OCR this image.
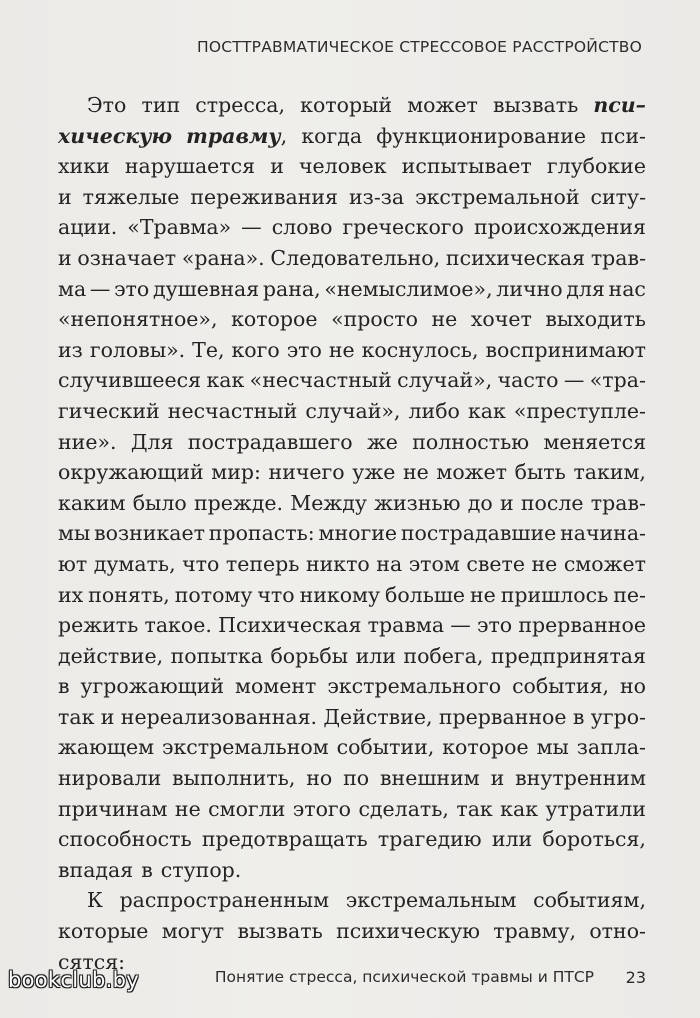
ПОСТТРАВМАТИЧЕСКОЕ СТРЕССОВОЕ РАССТРОЙСТВО
Это тип стресса, который может вызвать пси–
хическую травму, когда функционирование пси-
хики нарушается и человек испытывает глубокие
и тяжелые переживания из-за экстремальной ситу-
ации. «Травма» — слово греческого происхождения
и означает «рана». Следовательно, психическая трав-
ма — это душевная рана, «немыслимое», лично для нас
«непонятное», которое «просто не хочет выходить
из головы». Те, кого это не коснулось, воспринимают
случившееся как «несчастный случай», часто — «тра-
гический несчастный случай», либо как «преступле-
ние». Для пострадавшего же полностью меняется
окружающий мир: ничего уже не может быть таким,
каким было прежде. Между жизнью до и после трав-
мы возникает пропасть: многие пострадавшие начина-
ют думать, что теперь никто на этом свете не сможет
их понять, потому что никому больше не пришлось пе-
режить такое. Психическая травма — это прерванное
действие, попытка борьбы или побега, предпринятая
в угрожающий момент экстремального события, но
так и нереализованная. Действие, прерванное в угро-
жающем экстремальном событии, которое мы запла-
нировали выполнить, но по внешним и внутренним
причинам не смогли этого сделать, так как утратили
способность предотвращать трагедию или бороться,
впадая в ступор.
К распространенным экстремальным событиям,
которые могут вызвать психическую травму, отно-
сятся:
Понятие стресса, психической травмы и ПТСР 23
bookclub.by
